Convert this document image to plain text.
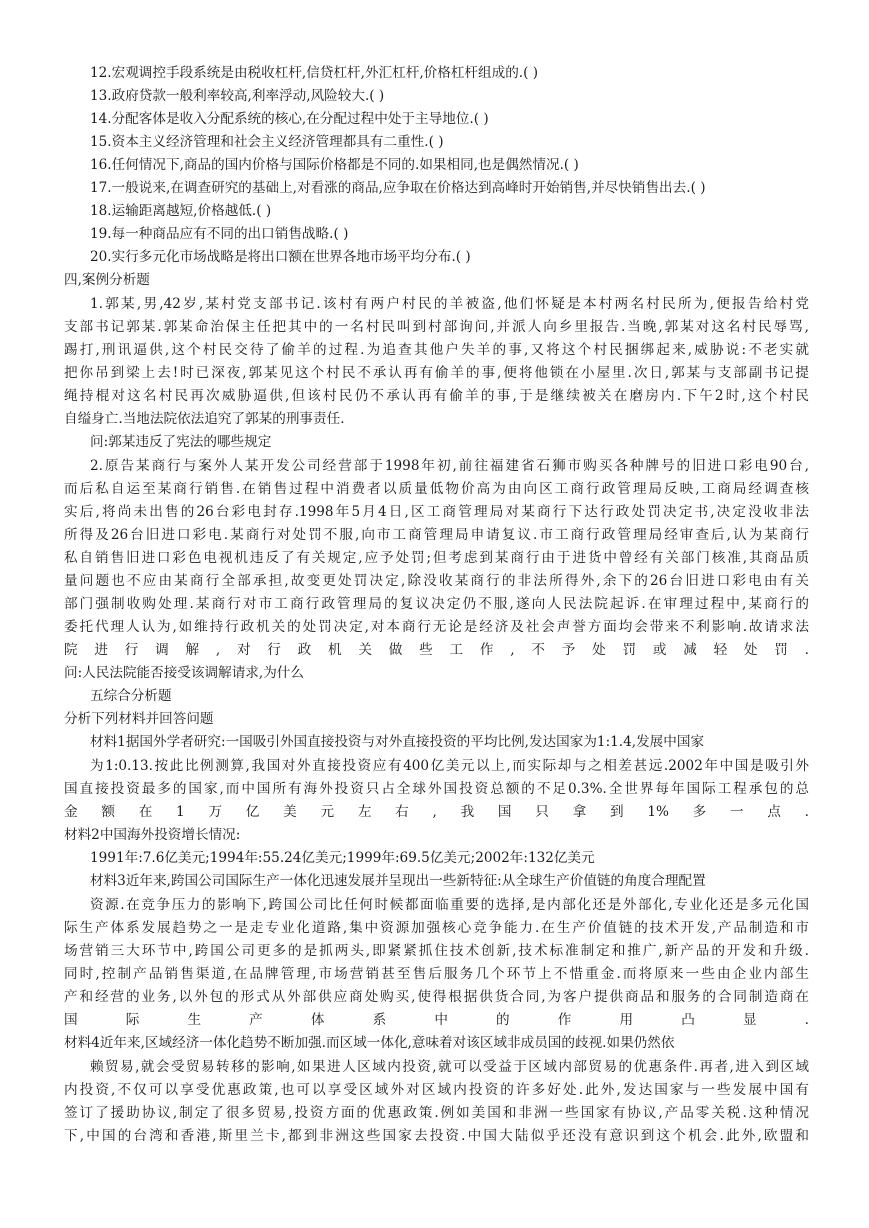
12.宏观调控手段系统是由税收杠杆,信贷杠杆,外汇杠杆,价格杠杆组成的.( )
13.政府贷款一般利率较高,利率浮动,风险较大.( )
14.分配客体是收入分配系统的核心,在分配过程中处于主导地位.( )
15.资本主义经济管理和社会主义经济管理都具有二重性.( )
16.任何情况下,商品的国内价格与国际价格都是不同的.如果相同,也是偶然情况.( )
17.一般说来,在调查研究的基础上,对看涨的商品,应争取在价格达到高峰时开始销售,并尽快销售出去.( )
18.运输距离越短,价格越低.( )
19.每一种商品应有不同的出口销售战略.( )
20.实行多元化市场战略是将出口额在世界各地市场平均分布.( )
四,案例分析题
1.郭某,男,42岁,某村党支部书记.该村有两户村民的羊被盗,他们怀疑是本村两名村民所为,便报告给村党
支部书记郭某.郭某命治保主任把其中的一名村民叫到村部询问,并派人向乡里报告.当晚,郭某对这名村民辱骂,
踢打,刑讯逼供,这个村民交待了偷羊的过程.为追查其他户失羊的事,又将这个村民捆绑起来,威胁说:不老实就
把你吊到梁上去!时已深夜,郭某见这个村民不承认再有偷羊的事,便将他锁在小屋里.次日,郭某与支部副书记提
绳持棍对这名村民再次威胁逼供,但该村民仍不承认再有偷羊的事,于是继续被关在磨房内.下午2时,这个村民
自缢身亡.当地法院依法追究了郭某的刑事责任.
问:郭某违反了宪法的哪些规定
2.原告某商行与案外人某开发公司经营部于1998年初,前往福建省石狮市购买各种牌号的旧进口彩电90台,
而后私自运至某商行销售.在销售过程中消费者以质量低物价高为由向区工商行政管理局反映,工商局经调查核
实后,将尚未出售的26台彩电封存.1998年5月4日,区工商管理局对某商行下达行政处罚决定书,决定没收非法
所得及26台旧进口彩电.某商行对处罚不服,向市工商管理局申请复议.市工商行政管理局经审查后,认为某商行
私自销售旧进口彩色电视机违反了有关规定,应予处罚;但考虑到某商行由于进货中曾经有关部门核准,其商品质
量问题也不应由某商行全部承担,故变更处罚决定,除没收某商行的非法所得外,余下的26台旧进口彩电由有关
部门强制收购处理.某商行对市工商行政管理局的复议决定仍不服,遂向人民法院起诉.在审理过程中,某商行的
委托代理人认为,如维持行政机关的处罚决定,对本商行无论是经济及社会声誉方面均会带来不利影响.故请求法
院进行调解,对行政机关做些工作,不予处罚或减轻处罚.
问:人民法院能否接受该调解请求,为什么
五综合分析题
分析下列材料并回答问题
材料1据国外学者研究:一国吸引外国直接投资与对外直接投资的平均比例,发达国家为1:1.4,发展中国家
为1:0.13.按此比例测算,我国对外直接投资应有400亿美元以上,而实际却与之相差甚远.2002年中国是吸引外
国直接投资最多的国家,而中国所有海外投资只占全球外国投资总额的不足0.3%.全世界每年国际工程承包的总
金额在1万亿美元左右,我国只拿到1%多一点.
材料2中国海外投资增长情况:
1991年:7.6亿美元;1994年:55.24亿美元;1999年:69.5亿美元;2002年:132亿美元
材料3近年来,跨国公司国际生产一体化迅速发展并呈现出一些新特征:从全球生产价值链的角度合理配置
资源.在竞争压力的影响下,跨国公司比任何时候都面临重要的选择,是内部化还是外部化,专业化还是多元化国
际生产体系发展趋势之一是走专业化道路,集中资源加强核心竞争能力.在生产价值链的技术开发,产品制造和市
场营销三大环节中,跨国公司更多的是抓两头,即紧紧抓住技术创新,技术标准制定和推广,新产品的开发和升级.
同时,控制产品销售渠道,在品牌管理,市场营销甚至售后服务几个环节上不惜重金.而将原来一些由企业内部生
产和经营的业务,以外包的形式从外部供应商处购买,使得根据供货合同,为客户提供商品和服务的合同制造商在
国际生产体系中的作用凸显.
材料4近年来,区域经济一体化趋势不断加强.而区域一体化,意味着对该区域非成员国的歧视.如果仍然依
赖贸易,就会受贸易转移的影响,如果进人区域内投资,就可以受益于区域内部贸易的优惠条件.再者,进入到区域
内投资,不仅可以享受优惠政策,也可以享受区域外对区域内投资的许多好处.此外,发达国家与一些发展中国有
签订了援助协议,制定了很多贸易,投资方面的优惠政策.例如美国和非洲一些国家有协议,产品零关税.这种情况
下,中国的台湾和香港,斯里兰卡,都到非洲这些国家去投资.中国大陆似乎还没有意识到这个机会.此外,欧盟和
